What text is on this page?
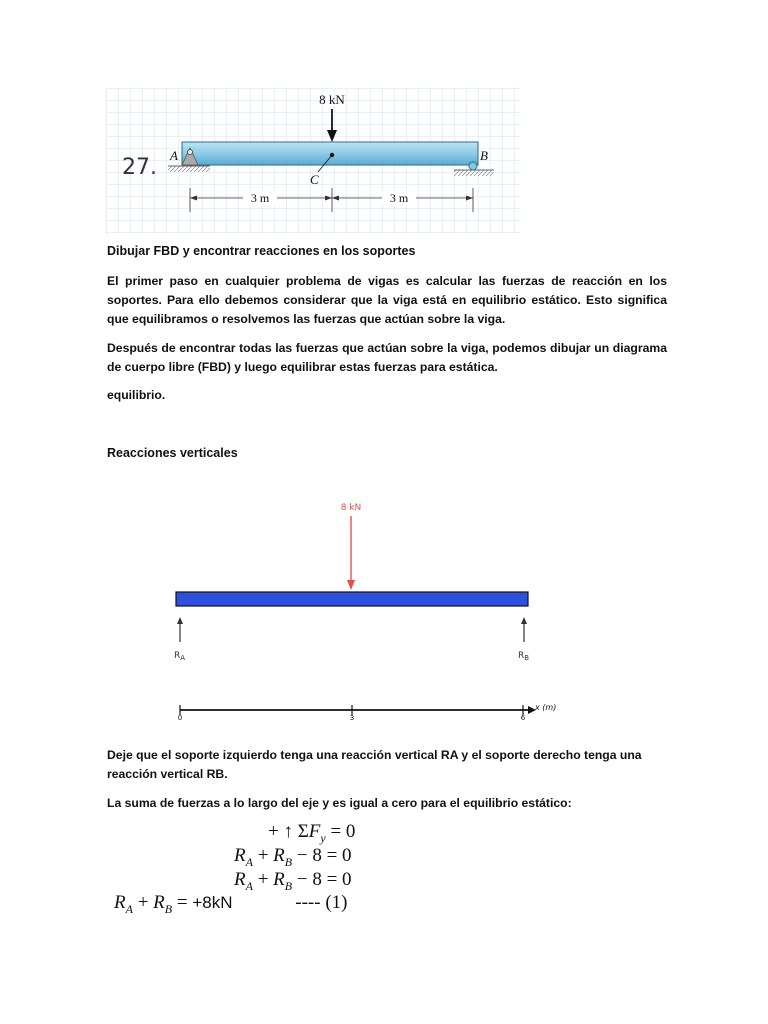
27.
8 kN
C
A	B
3 m	3 m
Dibujar FBD y encontrar reacciones en los soportes
El primer paso en cualquier problema de vigas es calcular las fuerzas de reacción en los soportes. Para ello debemos considerar que la viga está en equilibrio estático. Esto significa que equilibramos o resolvemos las fuerzas que actúan sobre la viga.
Después de encontrar todas las fuerzas que actúan sobre la viga, podemos dibujar un diagrama de cuerpo libre (FBD) y luego equilibrar estas fuerzas para estática.
equilibrio.
Reacciones verticales
8 kN
$R_A$	$R_B$
x (m)
0	3	6
Deje que el soporte izquierdo tenga una reacción vertical RA y el soporte derecho tenga una reacción vertical RB.
La suma de fuerzas a lo largo del eje y es igual a cero para el equilibrio estático:
+ ↑ $\Sigma F_y = 0$
$R_A + R_B - 8 = 0$
$R_A + R_B - 8 = 0$
$R_A + R_B = +8kN$	---- (1)
